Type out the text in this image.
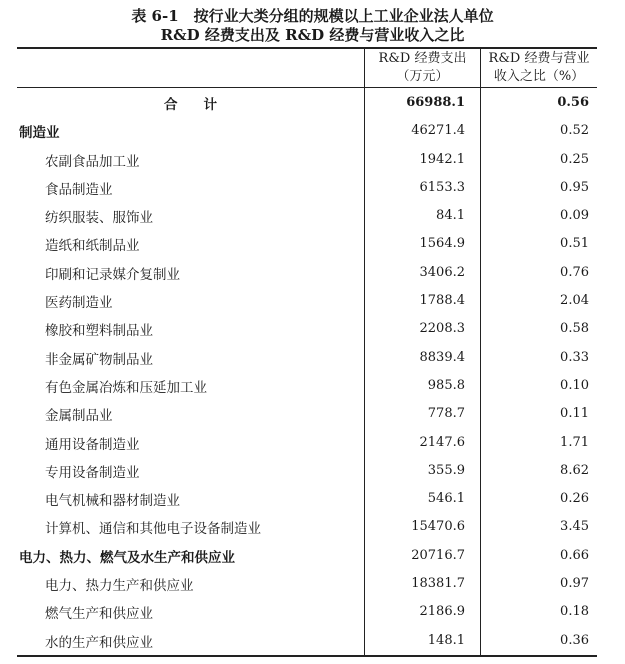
表 6-1　按行业大类分组的规模以上工业企业法人单位
R&D 经费支出及 R&D 经费与营业收入之比
R&D 经费支出
（万元）
R&D 经费与营业
收入之比（%）
合计	66988.1	0.56
制造业	46271.4	0.52
农副食品加工业	1942.1	0.25
食品制造业	6153.3	0.95
纺织服装、服饰业	84.1	0.09
造纸和纸制品业	1564.9	0.51
印刷和记录媒介复制业	3406.2	0.76
医药制造业	1788.4	2.04
橡胶和塑料制品业	2208.3	0.58
非金属矿物制品业	8839.4	0.33
有色金属冶炼和压延加工业	985.8	0.10
金属制品业	778.7	0.11
通用设备制造业	2147.6	1.71
专用设备制造业	355.9	8.62
电气机械和器材制造业	546.1	0.26
计算机、通信和其他电子设备制造业	15470.6	3.45
电力、热力、燃气及水生产和供应业	20716.7	0.66
电力、热力生产和供应业	18381.7	0.97
燃气生产和供应业	2186.9	0.18
水的生产和供应业	148.1	0.36
